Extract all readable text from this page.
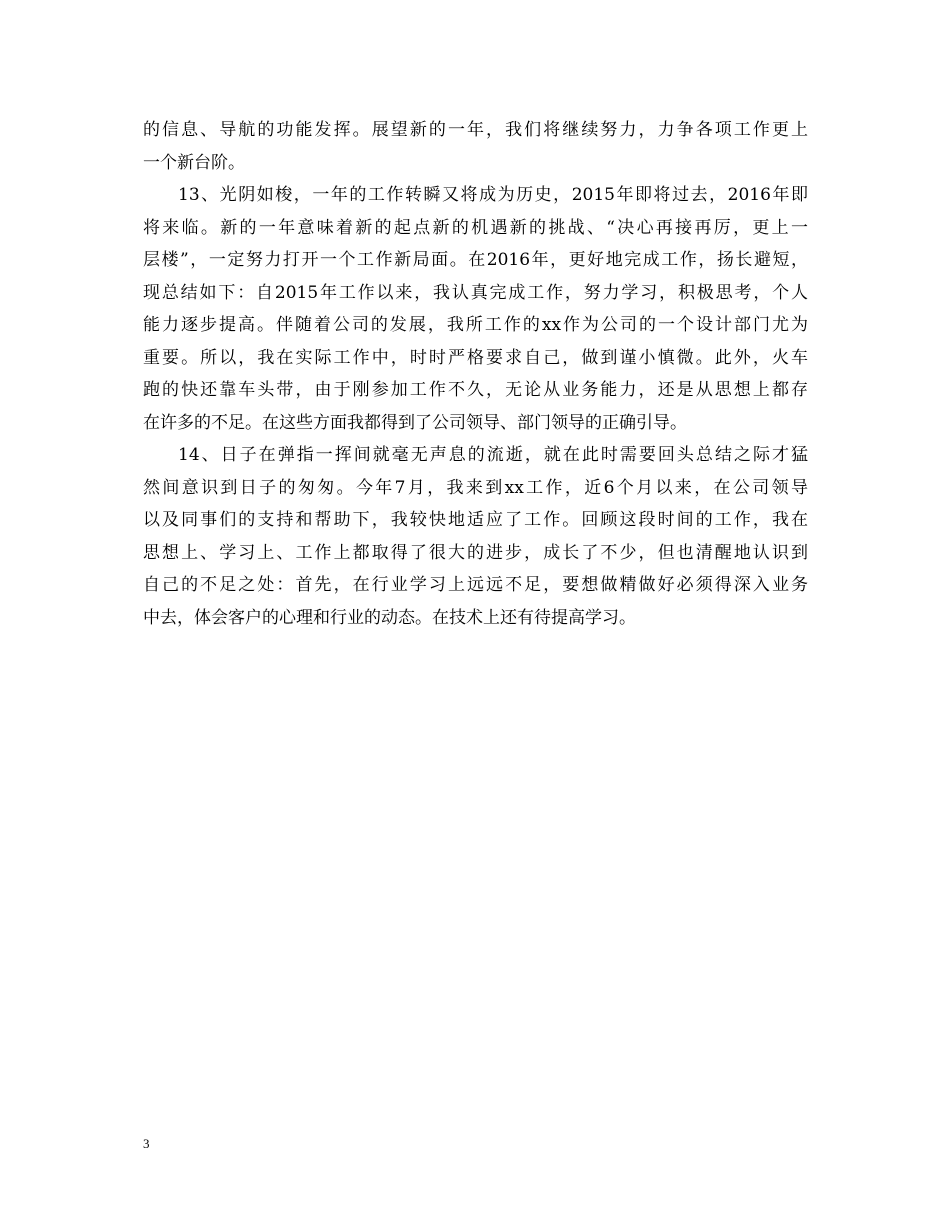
的信息、导航的功能发挥。展望新的一年，我们将继续努力，力争各项工作更上
一个新台阶。
13、光阴如梭，一年的工作转瞬又将成为历史，2015年即将过去，2016年即
将来临。新的一年意味着新的起点新的机遇新的挑战、“决心再接再厉，更上一
层楼”，一定努力打开一个工作新局面。在2016年，更好地完成工作，扬长避短，
现总结如下：自2015年工作以来，我认真完成工作，努力学习，积极思考，个人
能力逐步提高。伴随着公司的发展，我所工作的xx作为公司的一个设计部门尤为
重要。所以，我在实际工作中，时时严格要求自己，做到谨小慎微。此外，火车
跑的快还靠车头带，由于刚参加工作不久，无论从业务能力，还是从思想上都存
在许多的不足。在这些方面我都得到了公司领导、部门领导的正确引导。
14、日子在弹指一挥间就毫无声息的流逝，就在此时需要回头总结之际才猛
然间意识到日子的匆匆。今年7月，我来到xx工作，近6个月以来，在公司领导
以及同事们的支持和帮助下，我较快地适应了工作。回顾这段时间的工作，我在
思想上、学习上、工作上都取得了很大的进步，成长了不少，但也清醒地认识到
自己的不足之处：首先，在行业学习上远远不足，要想做精做好必须得深入业务
中去，体会客户的心理和行业的动态。在技术上还有待提高学习。
3
